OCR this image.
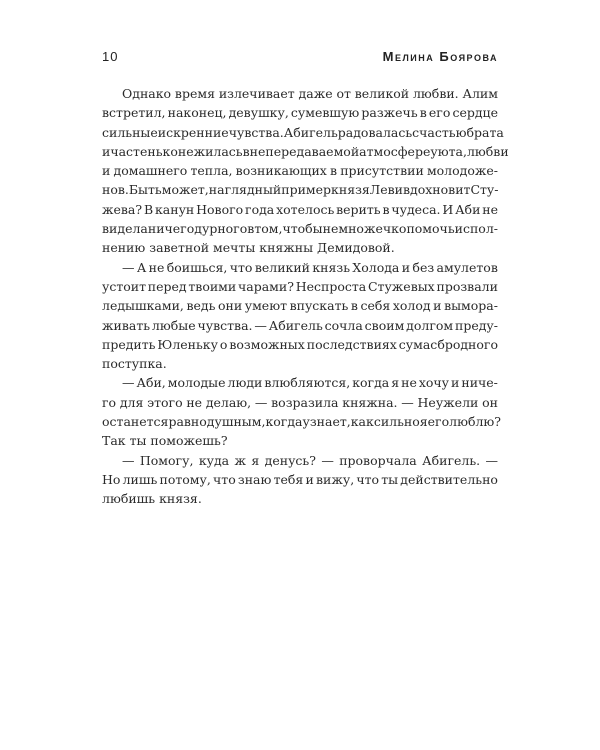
10	Мелина Боярова
Однако время излечивает даже от великой любви. Алим
встретил, наконец, девушку, сумевшую разжечь в его сердце
сильные искренние чувства. Абигель радовалась счастью брата
и частенько нежилась в непередаваемой атмосфере уюта, любви
и домашнего тепла, возникающих в присутствии молодоже-
нов. Быть может, наглядный пример князя Леви вдохновит Сту-
жева? В канун Нового года хотелось верить в чудеса. И Аби не
видела ничего дурного в том, чтобы немножечко помочь испол-
нению заветной мечты княжны Демидовой.
— А не боишься, что великий князь Холода и без амулетов
устоит перед твоими чарами? Неспроста Стужевых прозвали
ледышками, ведь они умеют впускать в себя холод и выморa-
живать любые чувства. — Абигель сочла своим долгом преду-
предить Юленьку о возможных последствиях сумасбродного
поступка.
— Аби, молодые люди влюбляются, когда я не хочу и ниче-
го для этого не делаю, — возразила княжна. — Неужели он
останется равнодушным, когда узнает, как сильно я его люблю?
Так ты поможешь?
— Помогу, куда ж я денусь? — проворчала Абигель. —
Но лишь потому, что знаю тебя и вижу, что ты действительно
любишь князя.
